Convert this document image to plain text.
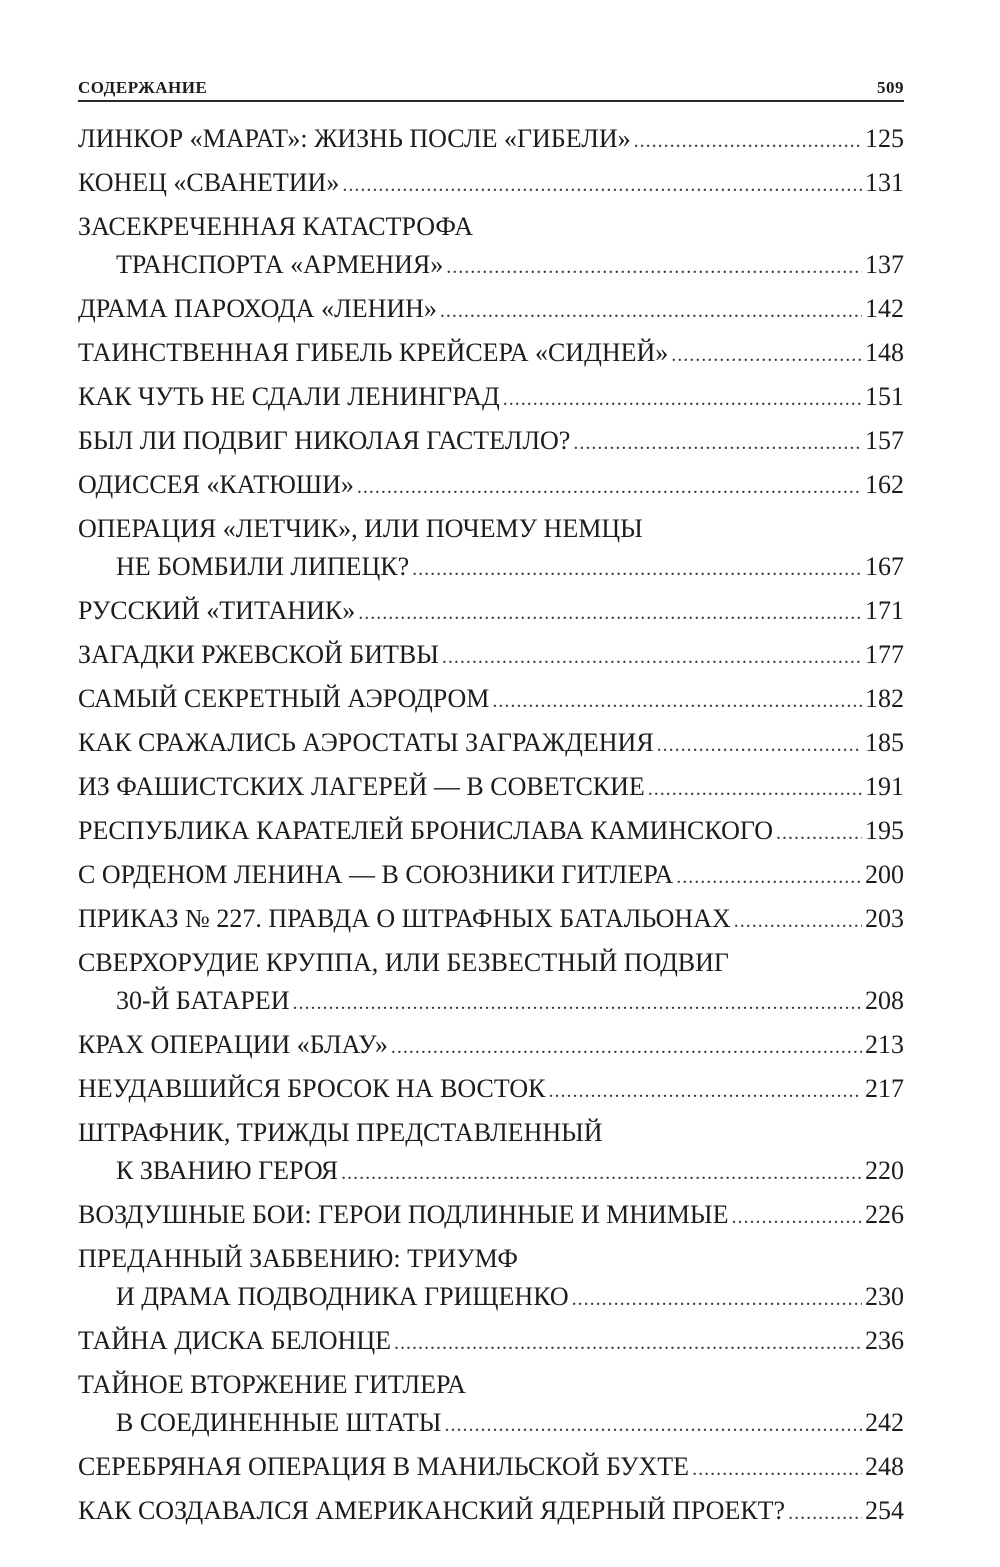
СОДЕРЖАНИЕ	509
ЛИНКОР «МАРАТ»: ЖИЗНЬ ПОСЛЕ «ГИБЕЛИ» .....	125
КОНЕЦ «СВАНЕТИИ» .....	131
ЗАСЕКРЕЧЕННАЯ КАТАСТРОФА
ТРАНСПОРТА «АРМЕНИЯ» .....	137
ДРАМА ПАРОХОДА «ЛЕНИН» .....	142
ТАИНСТВЕННАЯ ГИБЕЛЬ КРЕЙСЕРА «СИДНЕЙ» .....	148
КАК ЧУТЬ НЕ СДАЛИ ЛЕНИНГРАД .....	151
БЫЛ ЛИ ПОДВИГ НИКОЛАЯ ГАСТЕЛЛО? .....	157
ОДИССЕЯ «КАТЮШИ» .....	162
ОПЕРАЦИЯ «ЛЕТЧИК», ИЛИ ПОЧЕМУ НЕМЦЫ
НЕ БОМБИЛИ ЛИПЕЦК? .....	167
РУССКИЙ «ТИТАНИК» .....	171
ЗАГАДКИ РЖЕВСКОЙ БИТВЫ .....	177
САМЫЙ СЕКРЕТНЫЙ АЭРОДРОМ .....	182
КАК СРАЖАЛИСЬ АЭРОСТАТЫ ЗАГРАЖДЕНИЯ .....	185
ИЗ ФАШИСТСКИХ ЛАГЕРЕЙ — В СОВЕТСКИЕ .....	191
РЕСПУБЛИКА КАРАТЕЛЕЙ БРОНИСЛАВА КАМИНСКОГО .....	195
С ОРДЕНОМ ЛЕНИНА — В СОЮЗНИКИ ГИТЛЕРА .....	200
ПРИКАЗ № 227. ПРАВДА О ШТРАФНЫХ БАТАЛЬОНАХ .....	203
СВЕРХОРУДИЕ КРУППА, ИЛИ БЕЗВЕСТНЫЙ ПОДВИГ
30-Й БАТАРЕИ .....	208
КРАХ ОПЕРАЦИИ «БЛАУ» .....	213
НЕУДАВШИЙСЯ БРОСОК НА ВОСТОК .....	217
ШТРАФНИК, ТРИЖДЫ ПРЕДСТАВЛЕННЫЙ
К ЗВАНИЮ ГЕРОЯ .....	220
ВОЗДУШНЫЕ БОИ: ГЕРОИ ПОДЛИННЫЕ И МНИМЫЕ .....	226
ПРЕДАННЫЙ ЗАБВЕНИЮ: ТРИУМФ
И ДРАМА ПОДВОДНИКА ГРИЩЕНКО .....	230
ТАЙНА ДИСКА БЕЛОНЦЕ .....	236
ТАЙНОЕ ВТОРЖЕНИЕ ГИТЛЕРА
В СОЕДИНЕННЫЕ ШТАТЫ .....	242
СЕРЕБРЯНАЯ ОПЕРАЦИЯ В МАНИЛЬСКОЙ БУХТЕ .....	248
КАК СОЗДАВАЛСЯ АМЕРИКАНСКИЙ ЯДЕРНЫЙ ПРОЕКТ? .....	254
